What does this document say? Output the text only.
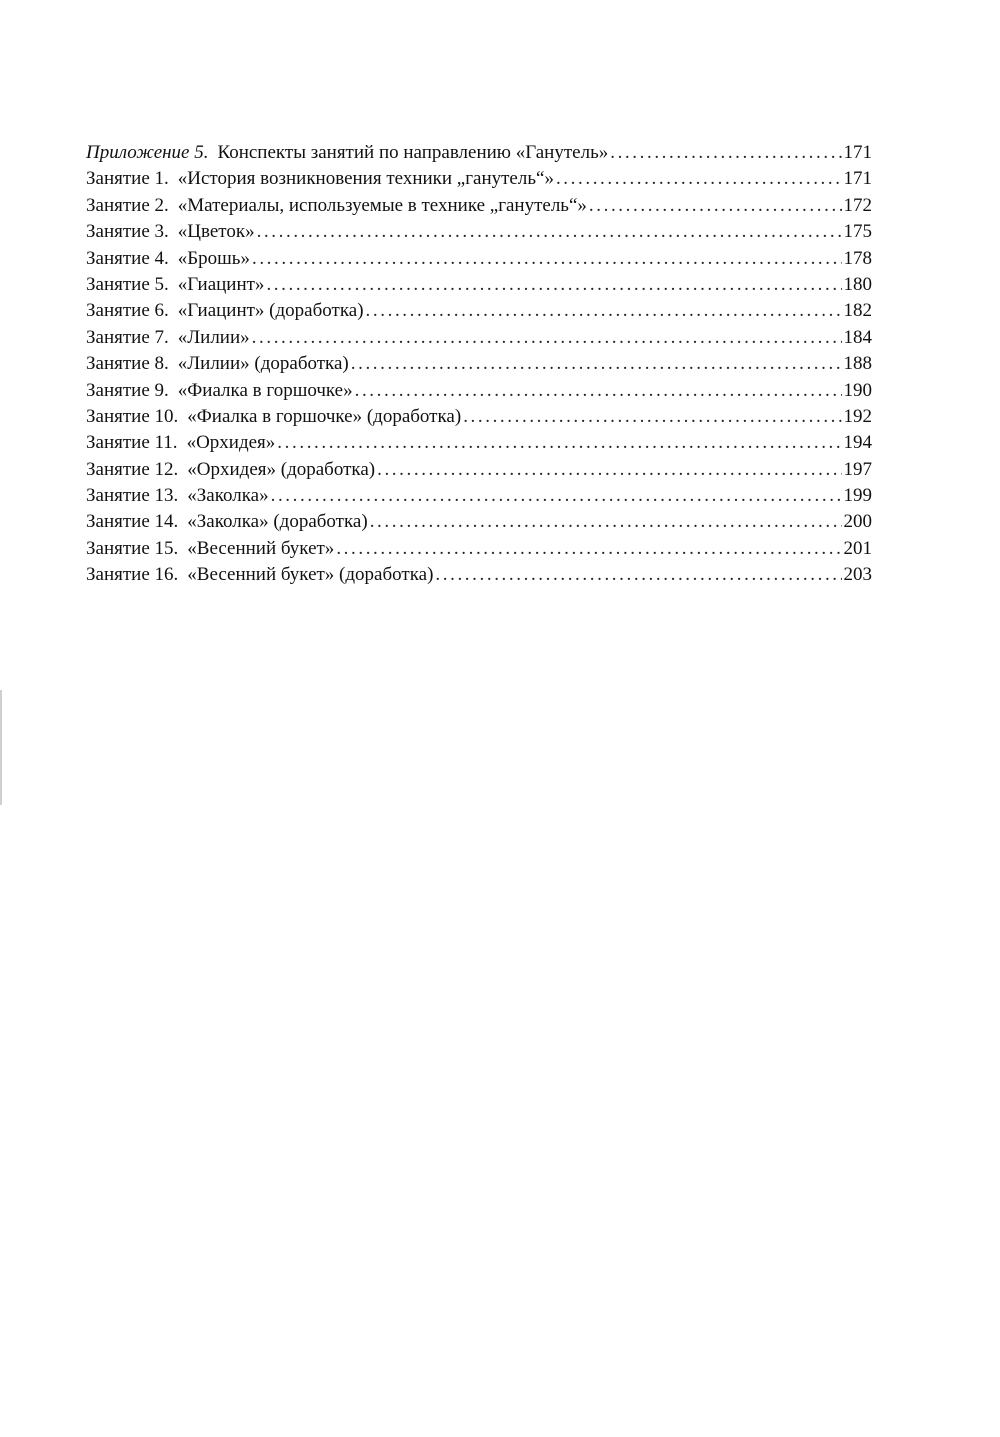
Приложение 5. Конспекты занятий по направлению «Ганутель» .....	171
Занятие 1. «История возникновения техники „ганутель“» .....	171
Занятие 2. «Материалы, используемые в технике „ганутель“» .....	172
Занятие 3. «Цветок» .....	175
Занятие 4. «Брошь» .....	178
Занятие 5. «Гиацинт» .....	180
Занятие 6. «Гиацинт» (доработка) .....	182
Занятие 7. «Лилии» .....	184
Занятие 8. «Лилии» (доработка) .....	188
Занятие 9. «Фиалка в горшочке» .....	190
Занятие 10. «Фиалка в горшочке» (доработка) .....	192
Занятие 11. «Орхидея» .....	194
Занятие 12. «Орхидея» (доработка) .....	197
Занятие 13. «Заколка» .....	199
Занятие 14. «Заколка» (доработка) .....	200
Занятие 15. «Весенний букет» .....	201
Занятие 16. «Весенний букет» (доработка) .....	203
